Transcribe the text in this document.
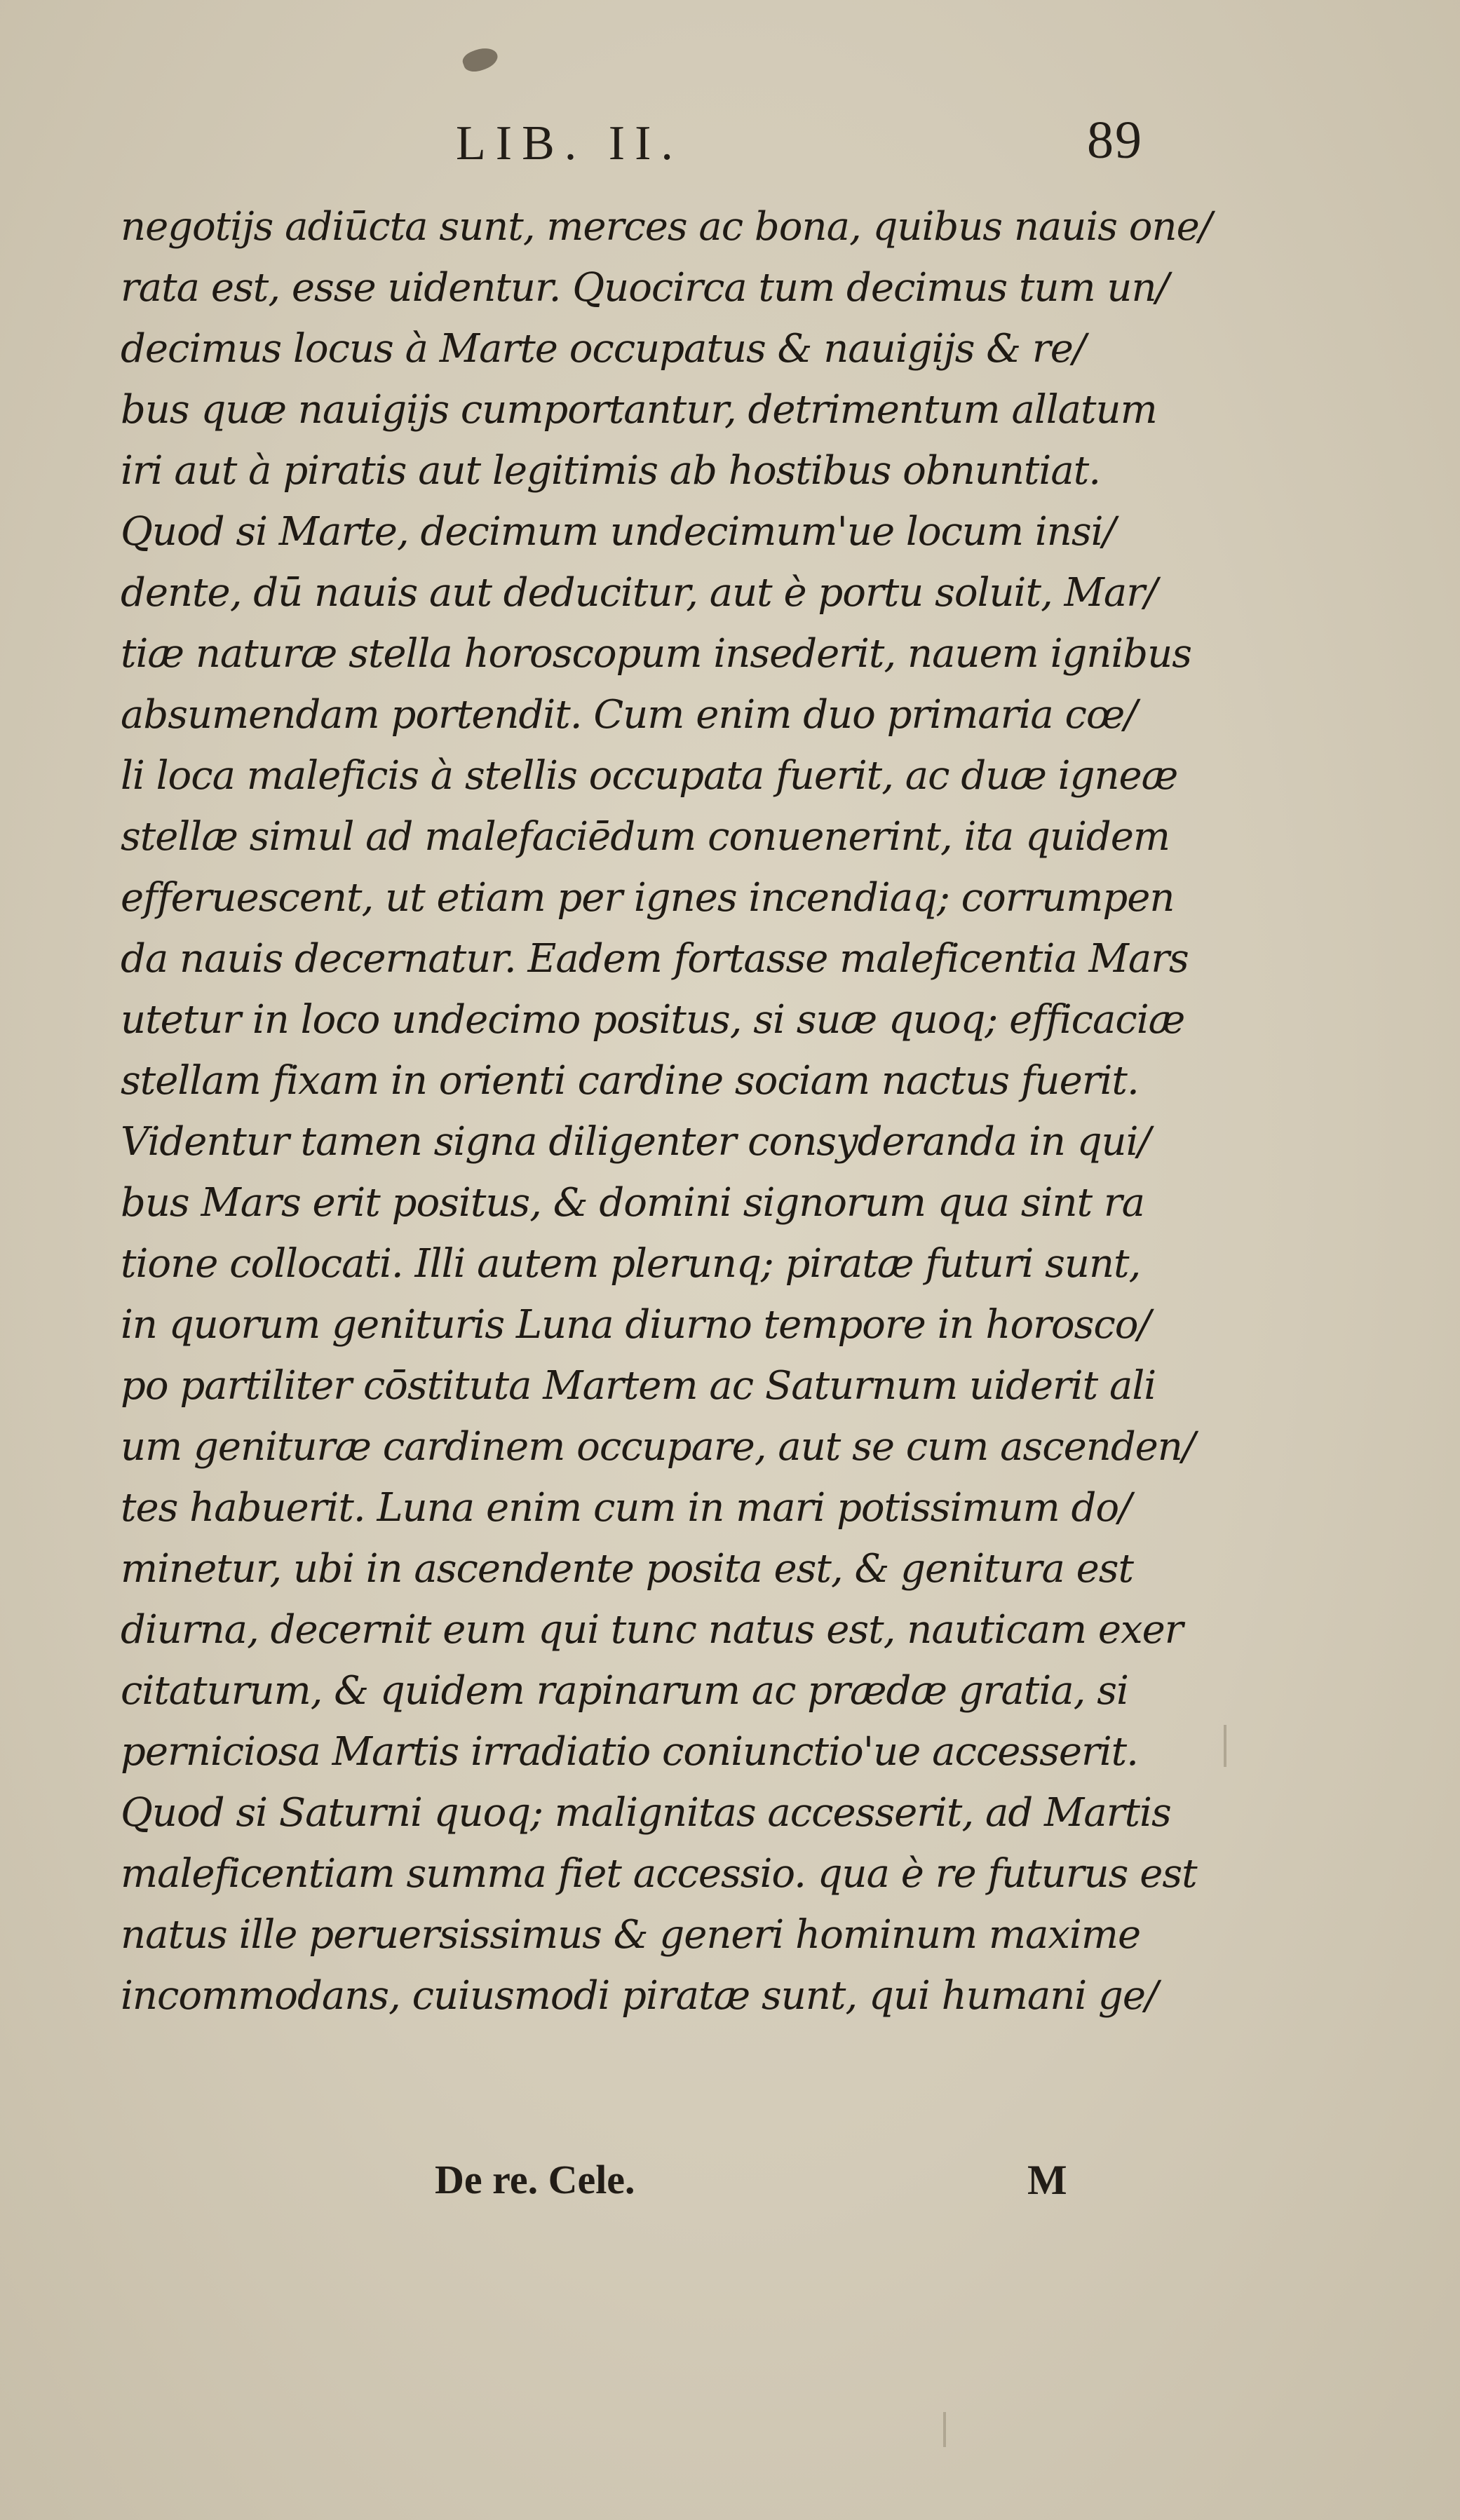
LIB. II.	89
negotijs adiūcta sunt, merces ac bona, quibus nauis one/
rata est, esse uidentur. Quocirca tum decimus tum un/
decimus locus à Marte occupatus & nauigijs & re/
bus quæ nauigijs cumportantur, detrimentum allatum
iri aut à piratis aut legitimis ab hostibus obnuntiat.
Quod si Marte, decimum undecimum'ue locum insi/
dente, dū nauis aut deducitur, aut è portu soluit, Mar/
tiæ naturæ stella horoscopum insederit, nauem ignibus
absumendam portendit. Cum enim duo primaria cœ/
li loca maleficis à stellis occupata fuerit, ac duæ igneæ
stellæ simul ad malefaciēdum conuenerint, ita quidem
efferuescent, ut etiam per ignes incendiaq; corrumpen
da nauis decernatur. Eadem fortasse maleficentia Mars
utetur in loco undecimo positus, si suæ quoq; efficaciæ
stellam fixam in orienti cardine sociam nactus fuerit.
Videntur tamen signa diligenter consyderanda in qui/
bus Mars erit positus, & domini signorum qua sint ra
tione collocati. Illi autem plerunq; piratæ futuri sunt,
in quorum genituris Luna diurno tempore in horosco/
po partiliter cōstituta Martem ac Saturnum uiderit ali
um genituræ cardinem occupare, aut se cum ascenden/
tes habuerit. Luna enim cum in mari potissimum do/
minetur, ubi in ascendente posita est, & genitura est
diurna, decernit eum qui tunc natus est, nauticam exer
citaturum, & quidem rapinarum ac prædæ gratia, si
perniciosa Martis irradiatio coniunctio'ue accesserit.
Quod si Saturni quoq; malignitas accesserit, ad Martis
maleficentiam summa fiet accessio. qua è re futurus est
natus ille peruersissimus & generi hominum maxime
incommodans, cuiusmodi piratæ sunt, qui humani ge/
De re. Cele.	M
